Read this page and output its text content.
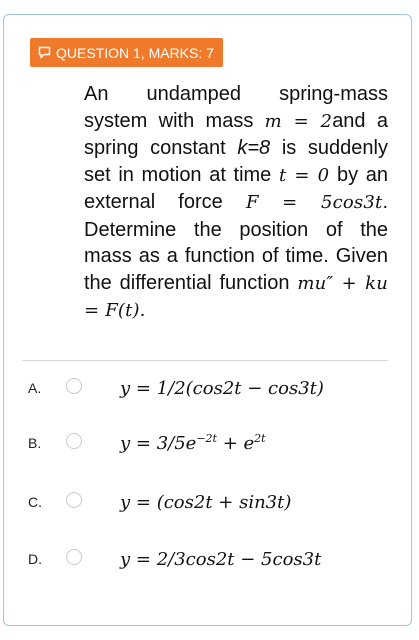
QUESTION 1, MARKS: 7

An undamped spring-mass system with mass m = 2and a spring constant k=8 is suddenly set in motion at time t = 0 by an external force F = 5cos3t. Determine the position of the mass as a function of time. Given the differential function mu″ + ku = F(t).

A.	y = 1/2(cos2t − cos3t)
B.	$y = 3/5e^{-2t} + e^{2t}$
C.	y = (cos2t + sin3t)
D.	y = 2/3cos2t − 5cos3t
